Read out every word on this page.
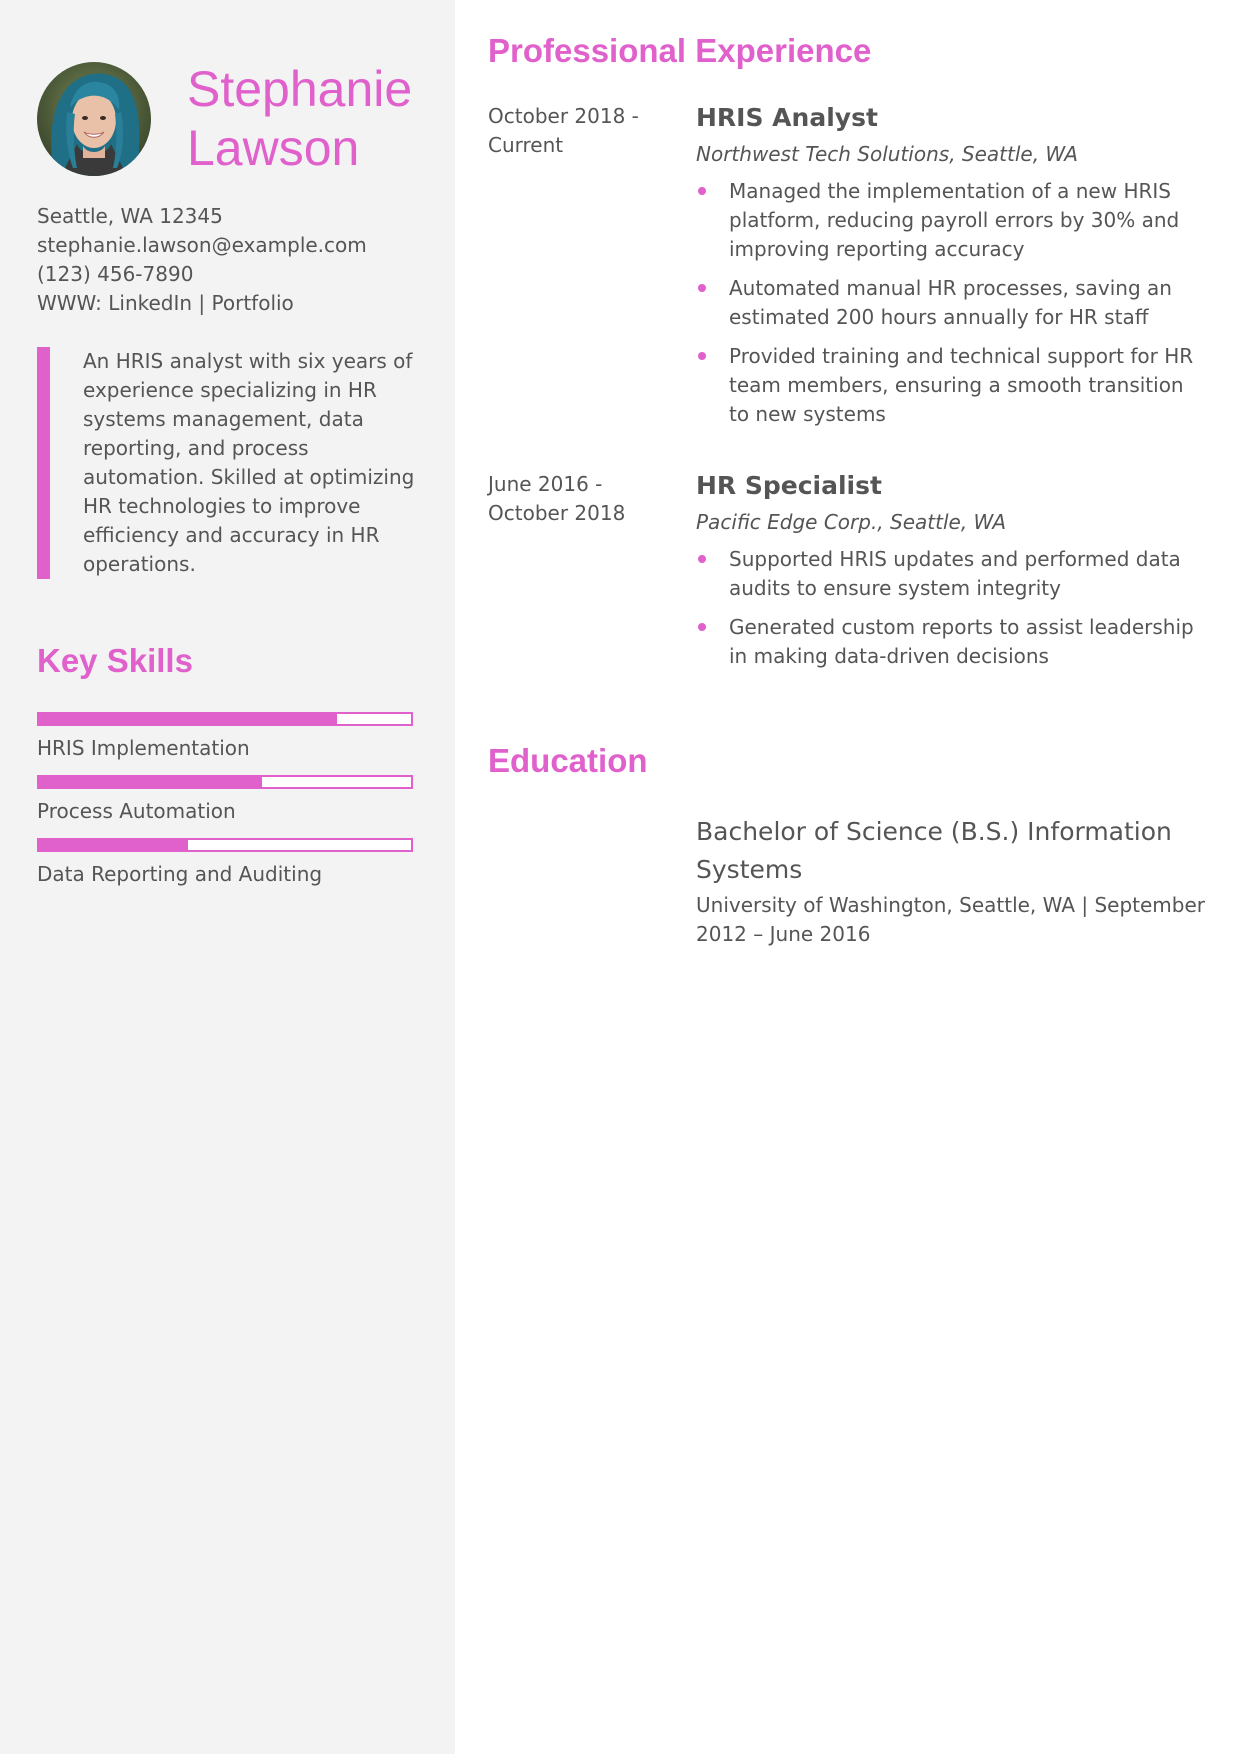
Stephanie
Lawson
Seattle, WA 12345
stephanie.lawson@example.com
(123) 456-7890
WWW: LinkedIn | Portfolio

An HRIS analyst with six years of experience specializing in HR systems management, data reporting, and process automation. Skilled at optimizing HR technologies to improve efficiency and accuracy in HR operations.

Key Skills
HRIS Implementation
Process Automation
Data Reporting and Auditing
Professional Experience
October 2018 - Current
HRIS Analyst
Northwest Tech Solutions, Seattle, WA
Managed the implementation of a new HRIS platform, reducing payroll errors by 30% and improving reporting accuracy
Automated manual HR processes, saving an estimated 200 hours annually for HR staff
Provided training and technical support for HR team members, ensuring a smooth transition to new systems
June 2016 - October 2018
HR Specialist
Pacific Edge Corp., Seattle, WA
Supported HRIS updates and performed data audits to ensure system integrity
Generated custom reports to assist leadership in making data-driven decisions
Education
Bachelor of Science (B.S.) Information Systems
University of Washington, Seattle, WA | September 2012 – June 2016
